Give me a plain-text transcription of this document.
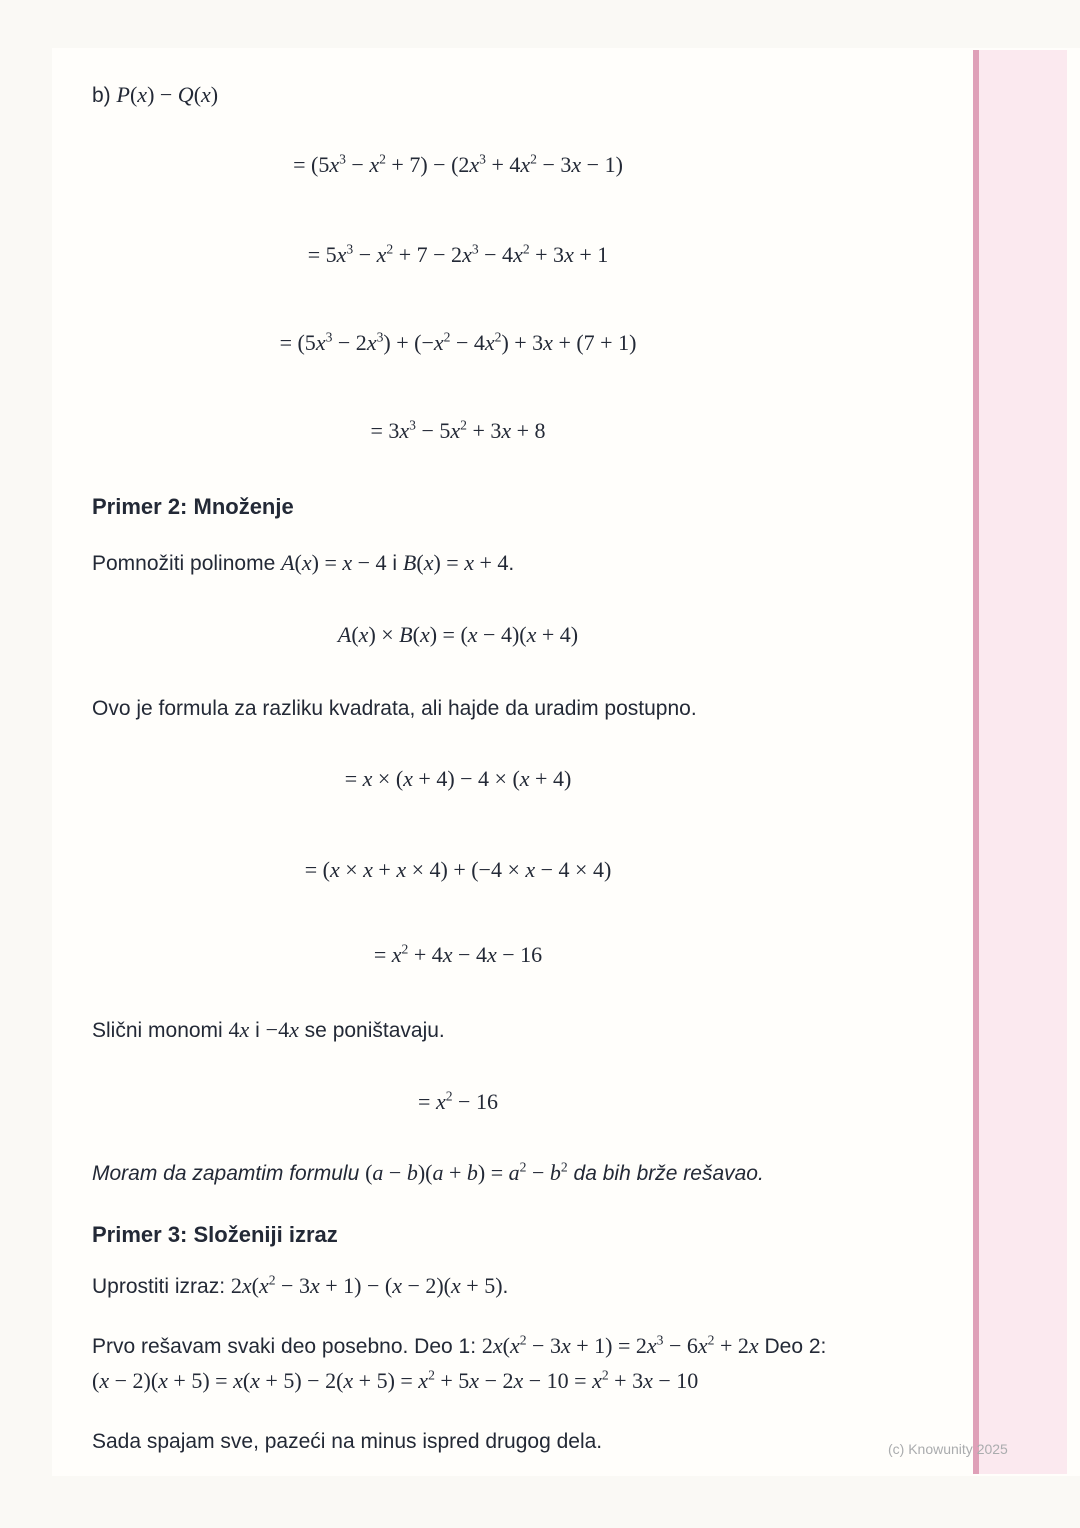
b) P(x) − Q(x)
= $(5x^3 - x^2 + 7) - (2x^3 + 4x^2 - 3x - 1)$
= $5x^3 - x^2 + 7 - 2x^3 - 4x^2 + 3x + 1$
= $(5x^3 - 2x^3) + (-x^2 - 4x^2) + 3x + (7 + 1)$
= $3x^3 - 5x^2 + 3x + 8$
Primer 2: Množenje
Pomnožiti polinome A(x) = x − 4 i B(x) = x + 4.
A(x) × B(x) = (x − 4)(x + 4)
Ovo je formula za razliku kvadrata, ali hajde da uradim postupno.
= x × (x + 4) − 4 × (x + 4)
= (x × x + x × 4) + (−4 × x − 4 × 4)
= $x^2 + 4x - 4x - 16$
Slični monomi 4x i −4x se poništavaju.
= $x^2 - 16$
Moram da zapamtim formulu $(a - b)(a + b) = a^2 - b^2$ da bih brže rešavao.
Primer 3: Složeniji izraz
Uprostiti izraz: $2x(x^2 - 3x + 1) - (x - 2)(x + 5)$.
Prvo rešavam svaki deo posebno. Deo 1: $2x(x^2 - 3x + 1) = 2x^3 - 6x^2 + 2x$ Deo 2:
$(x - 2)(x + 5) = x(x + 5) - 2(x + 5) = x^2 + 5x - 2x - 10 = x^2 + 3x - 10$
Sada spajam sve, pazeći na minus ispred drugog dela.	(c) Knowunity 2025
